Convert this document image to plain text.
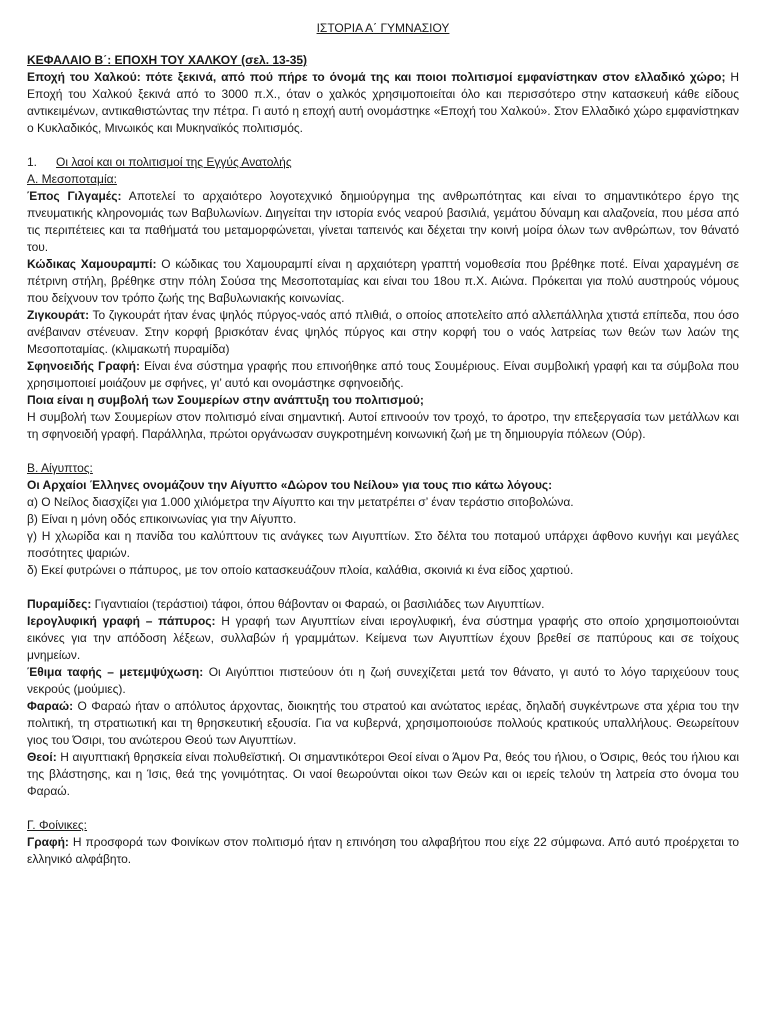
ΙΣΤΟΡΙΑ Α΄ ΓΥΜΝΑΣΙΟΥ

ΚΕΦΑΛΑΙΟ Β΄: ΕΠΟΧΗ ΤΟΥ ΧΑΛΚΟΥ (σελ. 13-35)

Εποχή του Χαλκού: πότε ξεκινά, από πού πήρε το όνομά της και ποιοι πολιτισμοί εμφανίστηκαν στον ελλαδικό χώρο; Η Εποχή του Χαλκού ξεκινά από το 3000 π.Χ., όταν ο χαλκός χρησιμοποιείται όλο και περισσότερο στην κατασκευή κάθε είδους αντικειμένων, αντικαθιστώντας την πέτρα. Γι αυτό η εποχή αυτή ονομάστηκε «Εποχή του Χαλκού». Στον Ελλαδικό χώρο εμφανίστηκαν ο Κυκλαδικός, Μινωικός και Μυκηναϊκός πολιτισμός.

1. Οι λαοί και οι πολιτισμοί της Εγγύς Ανατολής

Α. Μεσοποταμία:

Έπος Γιλγαμές: Αποτελεί το αρχαιότερο λογοτεχνικό δημιούργημα της ανθρωπότητας και είναι το σημαντικότερο έργο της πνευματικής κληρονομιάς των Βαβυλωνίων. Διηγείται την ιστορία ενός νεαρού βασιλιά, γεμάτου δύναμη και αλαζονεία, που μέσα από τις περιπέτειες και τα παθήματά του μεταμορφώνεται, γίνεται ταπεινός και δέχεται την κοινή μοίρα όλων των ανθρώπων, τον θάνατό του.

Κώδικας Χαμουραμπί: Ο κώδικας του Χαμουραμπί είναι η αρχαιότερη γραπτή νομοθεσία που βρέθηκε ποτέ. Είναι χαραγμένη σε πέτρινη στήλη, βρέθηκε στην πόλη Σούσα της Μεσοποταμίας και είναι του 18ου π.Χ. Αιώνα. Πρόκειται για πολύ αυστηρούς νόμους που δείχνουν τον τρόπο ζωής της Βαβυλωνιακής κοινωνίας.

Ζιγκουράτ: Το ζιγκουράτ ήταν ένας ψηλός πύργος-ναός από πλιθιά, ο οποίος αποτελείτο από αλλεπάλληλα χτιστά επίπεδα, που όσο ανέβαιναν στένευαν. Στην κορφή βρισκόταν ένας ψηλός πύργος και στην κορφή του ο ναός λατρείας των θεών των λαών της Μεσοποταμίας. (κλιμακωτή πυραμίδα)

Σφηνοειδής Γραφή: Είναι ένα σύστημα γραφής που επινοήθηκε από τους Σουμέριους. Είναι συμβολική γραφή και τα σύμβολα που χρησιμοποιεί μοιάζουν με σφήνες, γι’ αυτό και ονομάστηκε σφηνοειδής.

Ποια είναι η συμβολή των Σουμερίων στην ανάπτυξη του πολιτισμού;

Η συμβολή των Σουμερίων στον πολιτισμό είναι σημαντική. Αυτοί επινοούν τον τροχό, το άροτρο, την επεξεργασία των μετάλλων και τη σφηνοειδή γραφή. Παράλληλα, πρώτοι οργάνωσαν συγκροτημένη κοινωνική ζωή με τη δημιουργία πόλεων (Ούρ).

Β. Αίγυπτος:

Οι Αρχαίοι Έλληνες ονομάζουν την Αίγυπτο «Δώρον του Νείλου» για τους πιο κάτω λόγους:

α) Ο Νείλος διασχίζει για 1.000 χιλιόμετρα την Αίγυπτο και την μετατρέπει σ’ έναν τεράστιο σιτοβολώνα.

β) Είναι η μόνη οδός επικοινωνίας για την Αίγυπτο.

γ) Η χλωρίδα και η πανίδα του καλύπτουν τις ανάγκες των Αιγυπτίων. Στο δέλτα του ποταμού υπάρχει άφθονο κυνήγι και μεγάλες ποσότητες ψαριών.

δ) Εκεί φυτρώνει ο πάπυρος, με τον οποίο κατασκευάζουν πλοία, καλάθια, σκοινιά κι ένα είδος χαρτιού.

Πυραμίδες: Γιγαντιαίοι (τεράστιοι) τάφοι, όπου θάβονταν οι Φαραώ, οι βασιλιάδες των Αιγυπτίων.

Ιερογλυφική γραφή – πάπυρος: Η γραφή των Αιγυπτίων είναι ιερογλυφική, ένα σύστημα γραφής στο οποίο χρησιμοποιούνται εικόνες για την απόδοση λέξεων, συλλαβών ή γραμμάτων. Κείμενα των Αιγυπτίων έχουν βρεθεί σε παπύρους και σε τοίχους μνημείων.

Έθιμα ταφής – μετεμψύχωση: Οι Αιγύπτιοι πιστεύουν ότι η ζωή συνεχίζεται μετά τον θάνατο, γι αυτό το λόγο ταριχεύουν τους νεκρούς (μούμιες).

Φαραώ: Ο Φαραώ ήταν ο απόλυτος άρχοντας, διοικητής του στρατού και ανώτατος ιερέας, δηλαδή συγκέντρωνε στα χέρια του την πολιτική, τη στρατιωτική και τη θρησκευτική εξουσία. Για να κυβερνά, χρησιμοποιούσε πολλούς κρατικούς υπαλλήλους. Θεωρείτουν γιος του Όσιρι, του ανώτερου Θεού των Αιγυπτίων.

Θεοί: Η αιγυπτιακή θρησκεία είναι πολυθεϊστική. Οι σημαντικότεροι Θεοί είναι ο Άμον Ρα, θεός του ήλιου, ο Όσιρις, θεός του ήλιου και της βλάστησης, και η Ίσις, θεά της γονιμότητας. Οι ναοί θεωρούνται οίκοι των Θεών και οι ιερείς τελούν τη λατρεία στο όνομα του Φαραώ.

Γ. Φοίνικες:

Γραφή: Η προσφορά των Φοινίκων στον πολιτισμό ήταν η επινόηση του αλφαβήτου που είχε 22 σύμφωνα. Από αυτό προέρχεται το ελληνικό αλφάβητο.
